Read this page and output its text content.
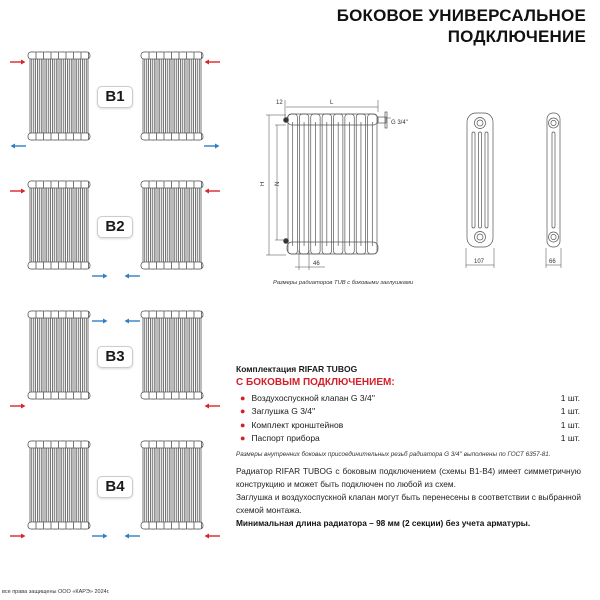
БОКОВОЕ УНИВЕРСАЛЬНОЕ
ПОДКЛЮЧЕНИЕ
B1
B2
B3
B4
12	L
H N
46
G 3/4''
107	66
Размеры радиаторов TUB с боковыми заглушками
Комплектация RIFAR TUBOG
С БОКОВЫМ ПОДКЛЮЧЕНИЕМ:
● Воздухоспускной клапан G 3/4''	1 шт.
● Заглушка G 3/4''	1 шт.
● Комплект кронштейнов	1 шт.
● Паспорт прибора	1 шт.
Размеры внутренних боковых присоединительных резьб радиатора G 3/4'' выполнены по ГОСТ 6357-81.
Радиатор RIFAR TUBOG с боковым подключением (схемы B1-B4) имеет симметричную конструкцию и может быть подключен по любой из схем.
Заглушка и воздухоспускной клапан могут быть перенесены в соответствии с выбранной схемой монтажа.
Минимальная длина радиатора – 98 мм (2 секции) без учета арматуры.
все права защищены ООО «КАРЭ» 2024г.
